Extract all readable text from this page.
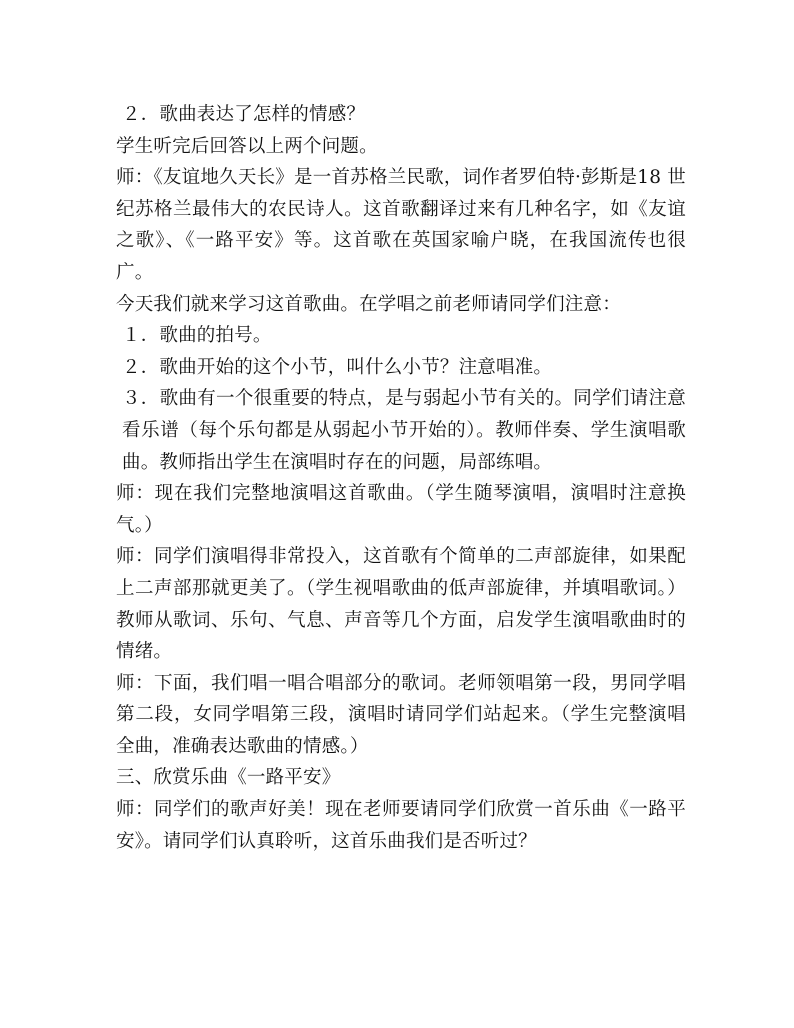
２．歌曲表达了怎样的情感？

学生听完后回答以上两个问题。

师：《友谊地久天长》是一首苏格兰民歌，词作者罗伯特·彭斯是18 世纪苏格兰最伟大的农民诗人。这首歌翻译过来有几种名字，如《友谊之歌》、《一路平安》等。这首歌在英国家喻户晓，在我国流传也很广。

今天我们就来学习这首歌曲。在学唱之前老师请同学们注意：

１．歌曲的拍号。

２．歌曲开始的这个小节，叫什么小节？注意唱准。

３．歌曲有一个很重要的特点，是与弱起小节有关的。同学们请注意看乐谱（每个乐句都是从弱起小节开始的）。教师伴奏、学生演唱歌曲。教师指出学生在演唱时存在的问题，局部练唱。

师：现在我们完整地演唱这首歌曲。（学生随琴演唱，演唱时注意换气。）

师：同学们演唱得非常投入，这首歌有个简单的二声部旋律，如果配上二声部那就更美了。（学生视唱歌曲的低声部旋律，并填唱歌词。）教师从歌词、乐句、气息、声音等几个方面，启发学生演唱歌曲时的情绪。

师：下面，我们唱一唱合唱部分的歌词。老师领唱第一段，男同学唱第二段，女同学唱第三段，演唱时请同学们站起来。（学生完整演唱全曲，准确表达歌曲的情感。）

三、欣赏乐曲《一路平安》

师：同学们的歌声好美！现在老师要请同学们欣赏一首乐曲《一路平安》。请同学们认真聆听，这首乐曲我们是否听过？
